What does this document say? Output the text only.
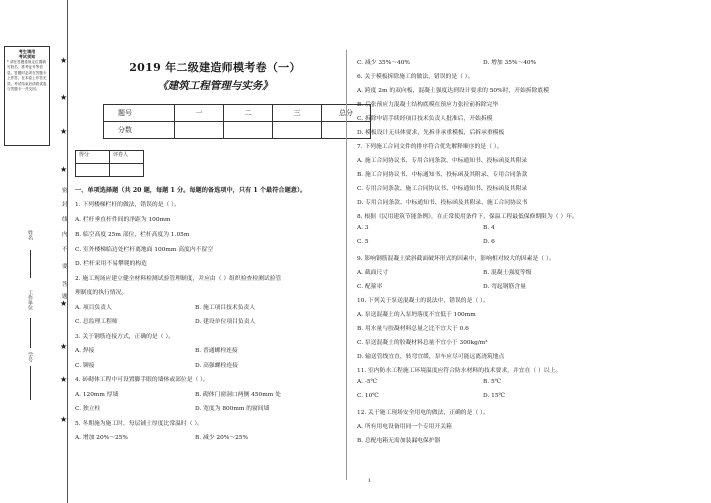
考生请用
考试须知
* 请在答题卷规定位置填写姓名、准考证号等信息。答题时必须在答题卡上作答，在本卷上作答无效。考试结束后请将试卷与答题卡一并交回。
姓名
工作单位
学号
★
★
★
★
★
★
★
★
密
封
线
内
不
要
答
题
2019 年二级建造师模考卷（一）
《建筑工程管理与实务》
题号	一	二	三	总分
分数				
得分	评卷人

一、单项选择题（共 20 题，每题 1 分。每题的备选项中，只有 1 个最符合题意）。
1. 下列楼梯栏杆的做法，错误的是（ ）。
A. 栏杆垂直杆件间的净距为 100mm
B. 临空高度 25m 部位，栏杆高度为 1.05m
C. 室外楼梯临边处栏杆离地面 100mm 高度内不留空
D. 栏杆采用不易攀爬的构造
2. 施工现场应建立健全材料检测试验管理制度，并应由（ ）组织检查检测试验管
理制度的执行情况。
A. 项目负责人	B. 施工项目技术负责人
C. 总监理工程师	D. 建设单位项目负责人
3. 关于钢筋连接方式，正确的是（ ）。
A. 焊接	B. 普通螺栓连接
C. 铆接	D. 高强螺栓连接
4. 砖砌体工程中可设置脚手眼的墙体或部位是（ ）。
A. 120mm 厚墙	B. 砌体门窗洞口两侧 450mm 处
C. 独立柱	D. 宽度为 800mm 的窗间墙
5. 冬期施为施工时，每层铺土厚度比常温时（ ）。
A. 增加 20%～25%	B. 减少 20%～25%
C. 减少 35%～40%	D. 增加 35%～40%
6. 关于模板拆除施工的做法，错误的是（ ）。
A. 跨度 2m 的双向板，混凝土强度达到设计要求的 50%时，开始拆除底模
B. 后张预应力混凝土结构底模在预应力张拉前拆除完毕
C. 拆除申请手续经项目技术负责人批准后，开始拆模
D. 模板设计无具体要求，先拆非承重模板，后拆承重模板
7. 下列施工合同文件的排序符合优先解释顺序的是（ ）。
A. 施工合同协议书、专用合同条款、中标通知书、投标函及其附录
B. 施工合同协议书、中标通知书、投标函及其附录、专用合同条款
C. 专用合同条款、施工合同协议书、中标通知书、投标函及其附录
D. 专用合同条款、中标通知书、投标函及其附录、施工合同协议书
8. 根据《民用建筑节能条例》，在正常使用条件下，保温工程最低保修期限为（ ）年。
A. 3	B. 4
C. 5	D. 6
9. 影响钢筋混凝土梁斜截面破坏形式的因素中，影响相对较大的因素是（ ）。
A. 截面尺寸	B. 混凝土强度等级
C. 配箍率	D. 弯起钢筋含量
10. 下列关于泵送混凝土的说法中，错误的是（ ）。
A. 泵送混凝土的入泵坍落度不宜低于 100mm
B. 用水量与胶凝材料总量之比不宜大于 0.6
C. 泵送混凝土的胶凝材料总量不宜小于 300kg/m³
D. 输送管线宜直，转弯宜缓，泵车应尽可能远离浇筑地点
11. 室内防水工程施工环境温度应符合防水材料的技术要求，并宜在（ ）以上。
A. -5℃	B. 5℃
C. 10℃	D. 15℃
12. 关于施工现场安全用电的做法，正确的是（ ）。
A. 所有用电设备用同一个专用开关箱
B. 总配电箱无需加装漏电保护器
1
